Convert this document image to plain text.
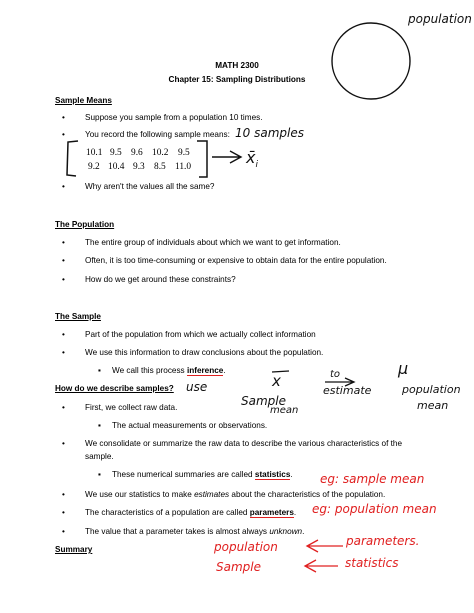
MATH 2300
Chapter 15: Sampling Distributions
Sample Means
• Suppose you sample from a population 10 times.
• You record the following sample means:
10.1 9.5 9.6 10.2 9.5
9.2 10.4 9.3 8.5 11.0
• Why aren't the values all the same?
The Population
• The entire group of individuals about which we want to get information.
• Often, it is too time-consuming or expensive to obtain data for the entire population.
• How do we get around these constraints?
The Sample
• Part of the population from which we actually collect information
• We use this information to draw conclusions about the population.
▪ We call this process inference.
How do we describe samples?
• First, we collect raw data.
▪ The actual measurements or observations.
• We consolidate or summarize the raw data to describe the various characteristics of the
sample.
▪ These numerical summaries are called statistics.
• We use our statistics to make estimates about the characteristics of the population.
• The characteristics of a population are called parameters.
• The value that a parameter takes is almost always unknown.
Summary
population
10 samples
$x̄_i$
use	x
Sample
mean
to
estimate
μ
population
mean
eg: sample mean
eg: population mean
population	parameters.
Sample	statistics
